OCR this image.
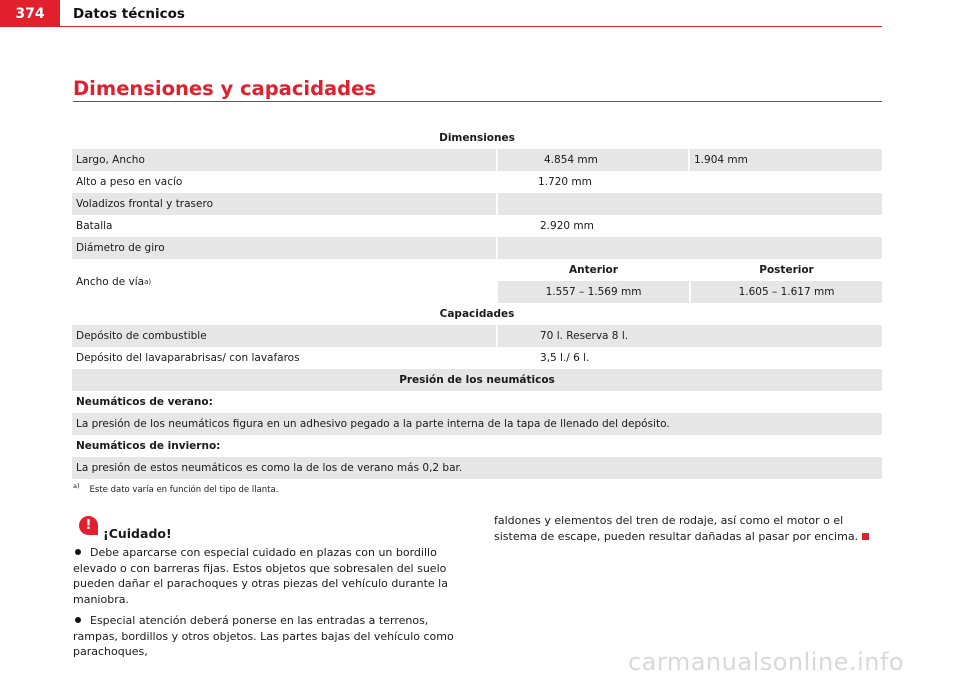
374	Datos técnicos
Dimensiones y capacidades
Dimensiones
Largo, Ancho	4.854 mm	1.904 mm
Alto a peso en vacío	1.720 mm
Voladizos frontal y trasero
Batalla	2.920 mm
Diámetro de giro
Ancho de vía a)
Anterior	Posterior
1.557 – 1.569 mm	1.605 – 1.617 mm
Capacidades
Depósito de combustible	70 l. Reserva 8 l.
Depósito del lavaparabrisas/ con lavafaros	3,5 l./ 6 l.
Presión de los neumáticos
Neumáticos de verano:
La presión de los neumáticos figura en un adhesivo pegado a la parte interna de la tapa de llenado del depósito.
Neumáticos de invierno:
La presión de estos neumáticos es como la de los de verano más 0,2 bar.
$^{a)}$ Este dato varía en función del tipo de llanta.
!
¡Cuidado!

Debe aparcarse con especial cuidado en plazas con un bordillo elevado o con barreras fijas. Estos objetos que sobresalen del suelo pueden dañar el parachoques y otras piezas del vehículo durante la maniobra.

Especial atención deberá ponerse en las entradas a terrenos, rampas, bordillos y otros objetos. Las partes bajas del vehículo como parachoques,

faldones y elementos del tren de rodaje, así como el motor o el sistema de escape, pueden resultar dañadas al pasar por encima.
carmanualsonline.info
